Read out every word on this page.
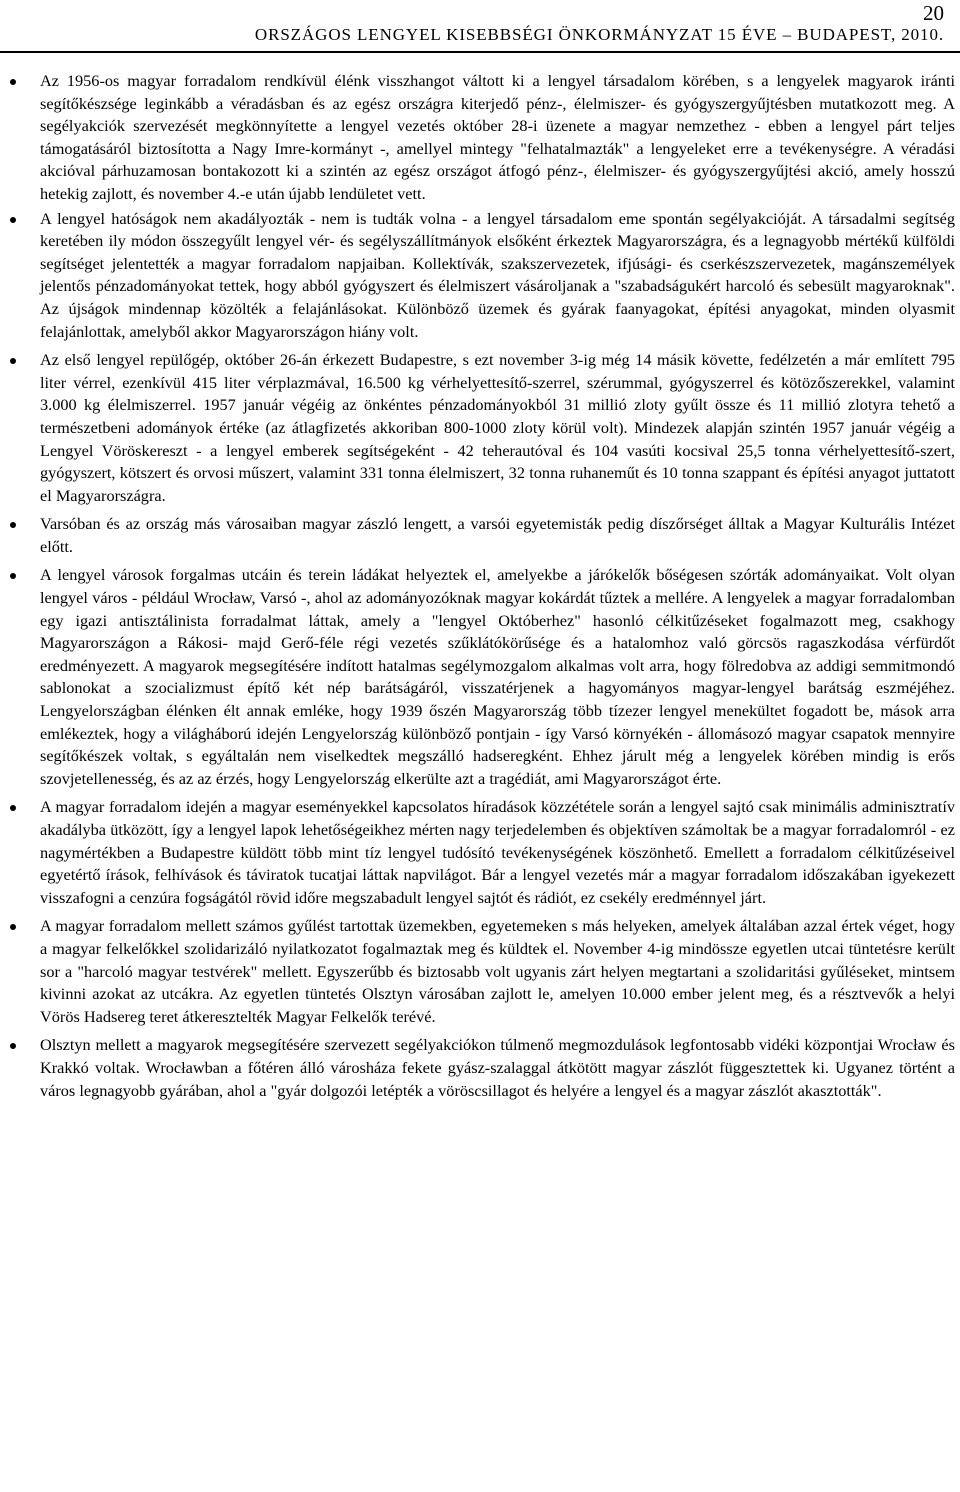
20
ORSZÁGOS LENGYEL KISEBBSÉGI ÖNKORMÁNYZAT 15 ÉVE – BUDAPEST, 2010.
Az 1956-os magyar forradalom rendkívül élénk visszhangot váltott ki a lengyel társadalom körében, s a lengyelek magyarok iránti segítőkészsége leginkább a véradásban és az egész országra kiterjedő pénz-, élelmiszer- és gyógyszergyűjtésben mutatkozott meg. A segélyakciók szervezését megkönnyítette a lengyel vezetés október 28-i üzenete a magyar nemzethez - ebben a lengyel párt teljes támogatásáról biztosította a Nagy Imre-kormányt -, amellyel mintegy "felhatalmazták" a lengyeleket erre a tevékenységre. A véradási akcióval párhuzamosan bontakozott ki a szintén az egész országot átfogó pénz-, élelmiszer- és gyógyszergyűjtési akció, amely hosszú hetekig zajlott, és november 4.-e után újabb lendületet vett.
A lengyel hatóságok nem akadályozták - nem is tudták volna - a lengyel társadalom eme spontán segélyakcióját. A társadalmi segítség keretében ily módon összegyűlt lengyel vér- és segélyszállítmányok elsőként érkeztek Magyarországra, és a legnagyobb mértékű külföldi segítséget jelentették a magyar forradalom napjaiban. Kollektívák, szakszervezetek, ifjúsági- és cserkészszervezetek, magánszemélyek jelentős pénzadományokat tettek, hogy abból gyógyszert és élelmiszert vásároljanak a "szabadságukért harcoló és sebesült magyaroknak". Az újságok mindennap közölték a felajánlásokat. Különböző üzemek és gyárak faanyagokat, építési anyagokat, minden olyasmit felajánlottak, amelyből akkor Magyarországon hiány volt.
Az első lengyel repülőgép, október 26-án érkezett Budapestre, s ezt november 3-ig még 14 másik követte, fedélzetén a már említett 795 liter vérrel, ezenkívül 415 liter vérplazmával, 16.500 kg vérhelyettesítő-szerrel, szérummal, gyógyszerrel és kötözőszerekkel, valamint 3.000 kg élelmiszerrel. 1957 január végéig az önkéntes pénzadományokból 31 millió zloty gyűlt össze és 11 millió zlotyra tehető a természetbeni adományok értéke (az átlagfizetés akkoriban 800-1000 zloty körül volt). Mindezek alapján szintén 1957 január végéig a Lengyel Vöröskereszt - a lengyel emberek segítségeként - 42 teherautóval és 104 vasúti kocsival 25,5 tonna vérhelyettesítő-szert, gyógyszert, kötszert és orvosi műszert, valamint 331 tonna élelmiszert, 32 tonna ruhaneműt és 10 tonna szappant és építési anyagot juttatott el Magyarországra.
Varsóban és az ország más városaiban magyar zászló lengett, a varsói egyetemisták pedig díszőrséget álltak a Magyar Kulturális Intézet előtt.
A lengyel városok forgalmas utcáin és terein ládákat helyeztek el, amelyekbe a járókelők bőségesen szórták adományaikat. Volt olyan lengyel város - például Wrocław, Varsó -, ahol az adományozóknak magyar kokárdát tűztek a mellére. A lengyelek a magyar forradalomban egy igazi antisztálinista forradalmat láttak, amely a "lengyel Októberhez" hasonló célkitűzéseket fogalmazott meg, csakhogy Magyarországon a Rákosi- majd Gerő-féle régi vezetés szűklátókörűsége és a hatalomhoz való görcsös ragaszkodása vérfürdőt eredményezett. A magyarok megsegítésére indított hatalmas segélymozgalom alkalmas volt arra, hogy fölredobva az addigi semmitmondó sablonokat a szocializmust építő két nép barátságáról, visszatérjenek a hagyományos magyar-lengyel barátság eszméjéhez. Lengyelországban élénken élt annak emléke, hogy 1939 őszén Magyarország több tízezer lengyel menekültet fogadott be, mások arra emlékeztek, hogy a világháború idején Lengyelország különböző pontjain - így Varsó környékén - állomásozó magyar csapatok mennyire segítőkészek voltak, s egyáltalán nem viselkedtek megszálló hadseregként. Ehhez járult még a lengyelek körében mindig is erős szovjetellenesség, és az az érzés, hogy Lengyelország elkerülte azt a tragédiát, ami Magyarországot érte.
A magyar forradalom idején a magyar eseményekkel kapcsolatos híradások közzététele során a lengyel sajtó csak minimális adminisztratív akadályba ütközött, így a lengyel lapok lehetőségeikhez mérten nagy terjedelemben és objektíven számoltak be a magyar forradalomról - ez nagymértékben a Budapestre küldött több mint tíz lengyel tudósító tevékenységének köszönhető. Emellett a forradalom célkitűzéseivel egyetértő írások, felhívások és táviratok tucatjai láttak napvilágot. Bár a lengyel vezetés már a magyar forradalom időszakában igyekezett visszafogni a cenzúra fogságától rövid időre megszabadult lengyel sajtót és rádiót, ez csekély eredménnyel járt.
A magyar forradalom mellett számos gyűlést tartottak üzemekben, egyetemeken s más helyeken, amelyek általában azzal értek véget, hogy a magyar felkelőkkel szolidarizáló nyilatkozatot fogalmaztak meg és küldtek el. November 4-ig mindössze egyetlen utcai tüntetésre került sor a "harcoló magyar testvérek" mellett. Egyszerűbb és biztosabb volt ugyanis zárt helyen megtartani a szolidaritási gyűléseket, mintsem kivinni azokat az utcákra. Az egyetlen tüntetés Olsztyn városában zajlott le, amelyen 10.000 ember jelent meg, és a résztvevők a helyi Vörös Hadsereg teret átkeresztelték Magyar Felkelők terévé.
Olsztyn mellett a magyarok megsegítésére szervezett segélyakciókon túlmenő megmozdulások legfontosabb vidéki központjai Wrocław és Krakkó voltak. Wrocławban a főtéren álló városháza fekete gyász-szalaggal átkötött magyar zászlót függesztettek ki. Ugyanez történt a város legnagyobb gyárában, ahol a "gyár dolgozói letépték a vöröscsillagot és helyére a lengyel és a magyar zászlót akasztották".
